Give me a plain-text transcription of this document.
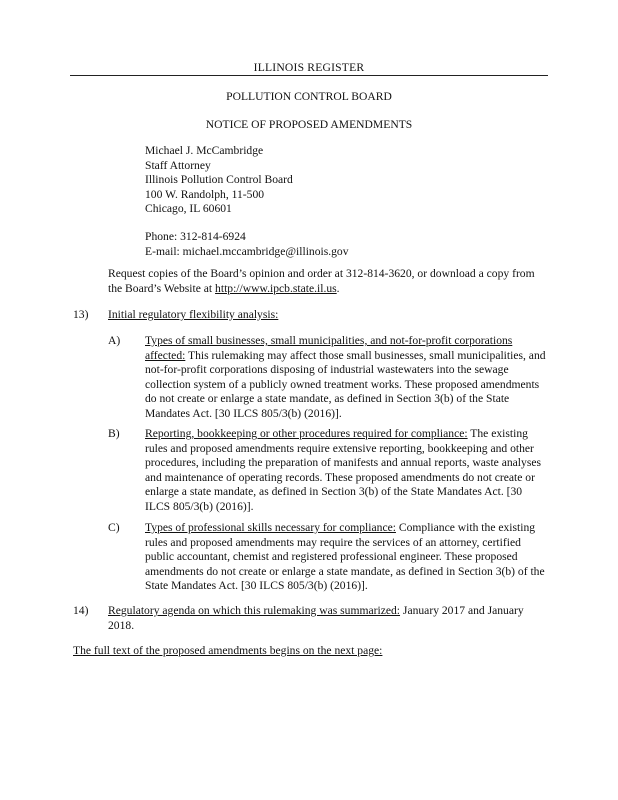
ILLINOIS REGISTER
POLLUTION CONTROL BOARD
NOTICE OF PROPOSED AMENDMENTS

Michael J. McCambridge

Staff Attorney

Illinois Pollution Control Board

100 W. Randolph, 11-500

Chicago, IL 60601

Phone: 312-814-6924

E-mail: michael.mccambridge@illinois.gov

Request copies of the Board’s opinion and order at 312-814-3620, or download a copy from the Board’s Website at http://www.ipcb.state.il.us.
13) Initial regulatory flexibility analysis:
A) Types of small businesses, small municipalities, and not-for-profit corporations affected: This rulemaking may affect those small businesses, small municipalities, and not-for-profit corporations disposing of industrial wastewaters into the sewage collection system of a publicly owned treatment works. These proposed amendments do not create or enlarge a state mandate, as defined in Section 3(b) of the State Mandates Act. [30 ILCS 805/3(b) (2016)].
B) Reporting, bookkeeping or other procedures required for compliance: The existing rules and proposed amendments require extensive reporting, bookkeeping and other procedures, including the preparation of manifests and annual reports, waste analyses and maintenance of operating records. These proposed amendments do not create or enlarge a state mandate, as defined in Section 3(b) of the State Mandates Act. [30 ILCS 805/3(b) (2016)].
C) Types of professional skills necessary for compliance: Compliance with the existing rules and proposed amendments may require the services of an attorney, certified public accountant, chemist and registered professional engineer. These proposed amendments do not create or enlarge a state mandate, as defined in Section 3(b) of the State Mandates Act. [30 ILCS 805/3(b) (2016)].
14) Regulatory agenda on which this rulemaking was summarized: January 2017 and January 2018.
The full text of the proposed amendments begins on the next page:
